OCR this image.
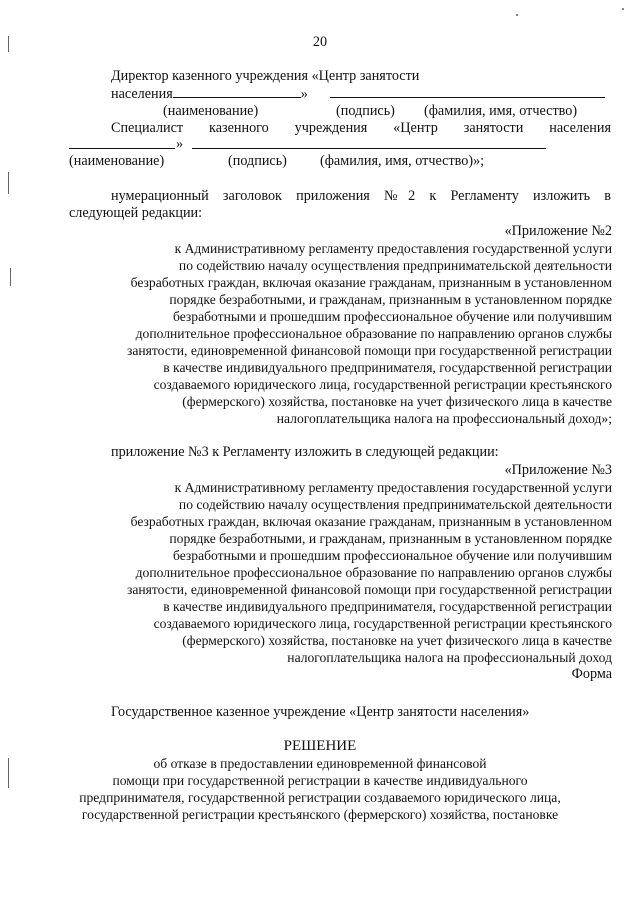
20
Директор казенного учреждения «Центр занятости
населения	»
(наименование)	(подпись) (фамилия, имя, отчество)
Специалист казенного учреждения «Центр занятости населения
»
(наименование)	(подпись) (фамилия, имя, отчество)»;
нумерационный заголовок приложения №2 к Регламенту изложить в
следующей редакции:
«Приложение №2
к Административному регламенту предоставления государственной услуги
по содействию началу осуществления предпринимательской деятельности
безработных граждан, включая оказание гражданам, признанным в установленном
порядке безработными, и гражданам, признанным в установленном порядке
безработными и прошедшим профессиональное обучение или получившим
дополнительное профессиональное образование по направлению органов службы
занятости, единовременной финансовой помощи при государственной регистрации
в качестве индивидуального предпринимателя, государственной регистрации
создаваемого юридического лица, государственной регистрации крестьянского
(фермерского) хозяйства, постановке на учет физического лица в качестве
налогоплательщика налога на профессиональный доход»;
приложение №3 к Регламенту изложить в следующей редакции:
«Приложение №3
к Административному регламенту предоставления государственной услуги
по содействию началу осуществления предпринимательской деятельности
безработных граждан, включая оказание гражданам, признанным в установленном
порядке безработными, и гражданам, признанным в установленном порядке
безработными и прошедшим профессиональное обучение или получившим
дополнительное профессиональное образование по направлению органов службы
занятости, единовременной финансовой помощи при государственной регистрации
в качестве индивидуального предпринимателя, государственной регистрации
создаваемого юридического лица, государственной регистрации крестьянского
(фермерского) хозяйства, постановке на учет физического лица в качестве
налогоплательщика налога на профессиональный доход
Форма
Государственное казенное учреждение «Центр занятости населения»
РЕШЕНИЕ
об отказе в предоставлении единовременной финансовой
помощи при государственной регистрации в качестве индивидуального
предпринимателя, государственной регистрации создаваемого юридического лица,
государственной регистрации крестьянского (фермерского) хозяйства, постановке
